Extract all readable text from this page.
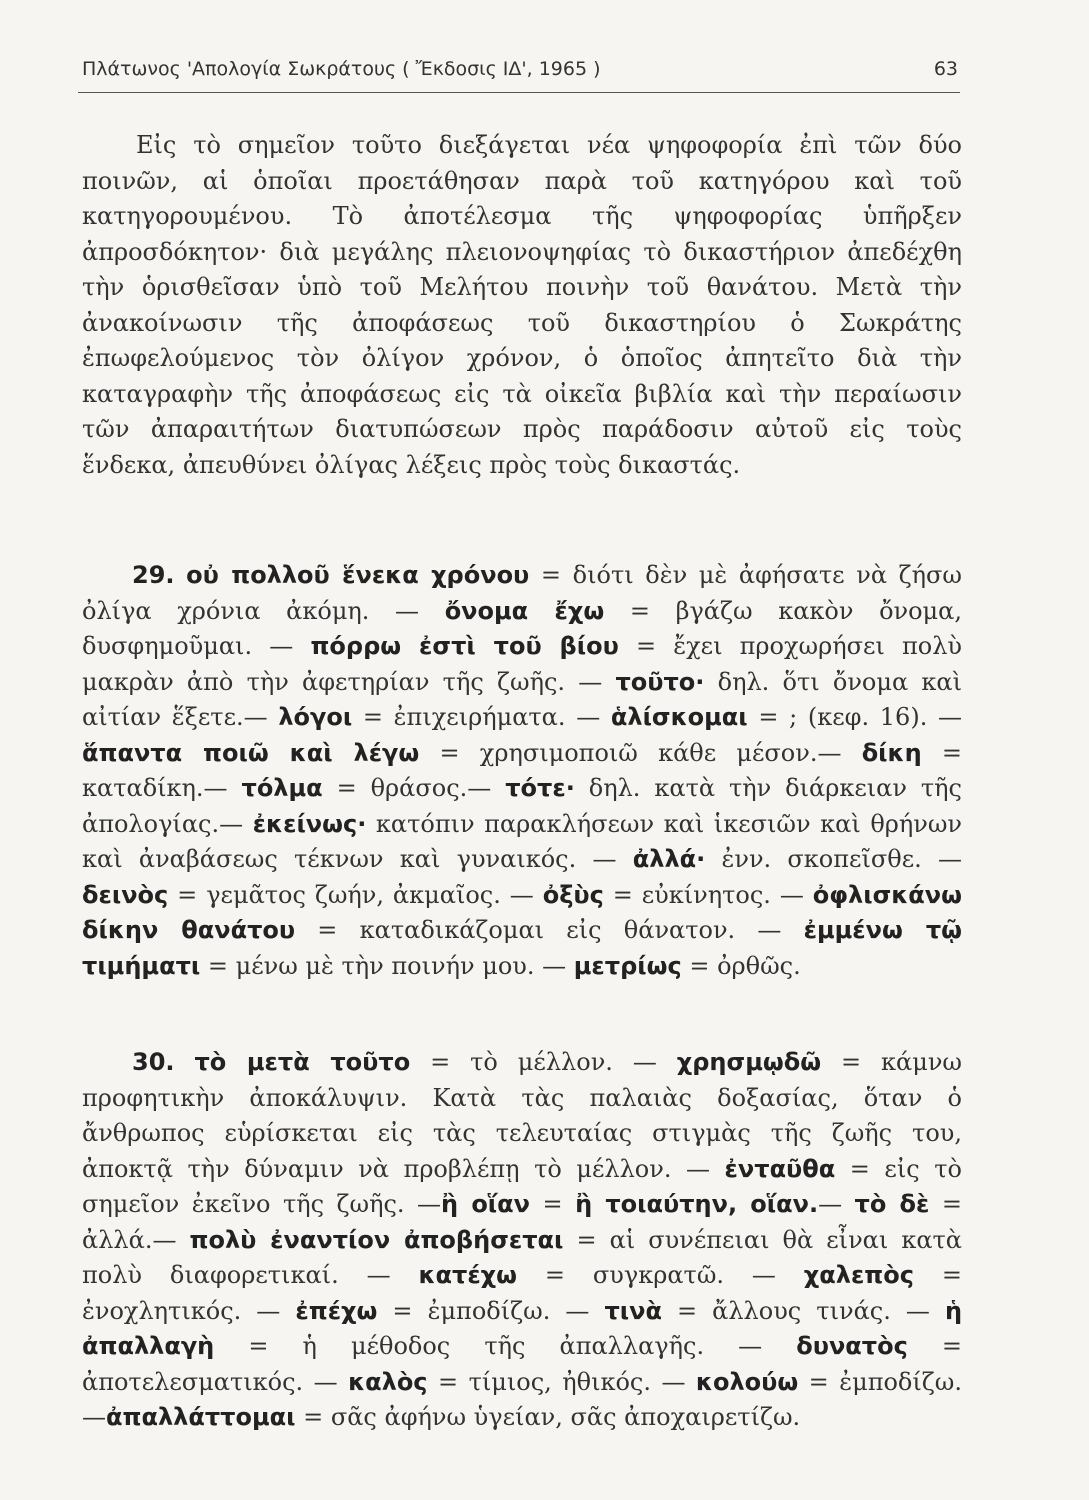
Πλάτωνος 'Απολογία Σωκράτους ( Ἔκδοσις ΙΔ', 1965 )	63

Εἰς τὸ σημεῖον τοῦτο διεξάγεται νέα ψηφοφορία ἐπὶ τῶν δύο ποινῶν, αἱ ὁποῖαι προετάθησαν παρὰ τοῦ κατηγόρου καὶ τοῦ κατηγορουμένου. Τὸ ἀποτέλεσμα τῆς ψηφοφορίας ὑπῆρξεν ἀπροσδόκητον· διὰ μεγάλης πλειονοψηφίας τὸ δικαστήριον ἀπεδέχθη τὴν ὁρισθεῖσαν ὑπὸ τοῦ Μελήτου ποινὴν τοῦ θανάτου. Μετὰ τὴν ἀνακοίνωσιν τῆς ἀποφάσεως τοῦ δικαστηρίου ὁ Σωκράτης ἐπωφελούμενος τὸν ὀλίγον χρόνον, ὁ ὁποῖος ἀπητεῖτο διὰ τὴν καταγραφὴν τῆς ἀποφάσεως εἰς τὰ οἰκεῖα βιβλία καὶ τὴν περαίωσιν τῶν ἀπαραιτήτων διατυπώσεων πρὸς παράδοσιν αὐτοῦ εἰς τοὺς ἕνδεκα, ἀπευθύνει ὀλίγας λέξεις πρὸς τοὺς δικαστάς.

29. οὐ πολλοῦ ἕνεκα χρόνου = διότι δὲν μὲ ἀφήσατε νὰ ζήσω ὀλίγα χρόνια ἀκόμη. — ὄνομα ἔχω = βγάζω κακὸν ὄνομα, δυσφημοῦμαι. — πόρρω ἐστὶ τοῦ βίου = ἔχει προχωρήσει πολὺ μακρὰν ἀπὸ τὴν ἀφετηρίαν τῆς ζωῆς. — τοῦτο· δηλ. ὅτι ὄνομα καὶ αἰτίαν ἕξετε.— λόγοι = ἐπιχειρήματα. — ἁλίσκομαι = ; (κεφ. 16). — ἅπαντα ποιῶ καὶ λέγω = χρησιμοποιῶ κάθε μέσον.— δίκη = καταδίκη.— τόλμα = θράσος.— τότε· δηλ. κατὰ τὴν διάρκειαν τῆς ἀπολογίας.— ἐκείνως· κατόπιν παρακλήσεων καὶ ἱκεσιῶν καὶ θρήνων καὶ ἀναβάσεως τέκνων καὶ γυναικός. — ἀλλά· ἐνν. σκοπεῖσθε. — δεινὸς = γεμᾶτος ζωήν, ἀκμαῖος. — ὀξὺς = εὐκίνητος. — ὀφλισκάνω δίκην θανάτου = καταδικάζομαι εἰς θάνατον. — ἐμμένω τῷ τιμήματι = μένω μὲ τὴν ποινήν μου. — μετρίως = ὀρθῶς.

30. τὸ μετὰ τοῦτο = τὸ μέλλον. — χρησμῳδῶ = κάμνω προφητικὴν ἀποκάλυψιν. Κατὰ τὰς παλαιὰς δοξασίας, ὅταν ὁ ἄνθρωπος εὑρίσκεται εἰς τὰς τελευταίας στιγμὰς τῆς ζωῆς του, ἀποκτᾷ τὴν δύναμιν νὰ προβλέπῃ τὸ μέλλον. — ἐνταῦθα = εἰς τὸ σημεῖον ἐκεῖνο τῆς ζωῆς. —ἢ οἵαν = ἢ τοιαύτην, οἵαν.— τὸ δὲ = ἀλλά.— πολὺ ἐναντίον ἀποβήσεται = αἱ συνέπειαι θὰ εἶναι κατὰ πολὺ διαφορετικαί. — κατέχω = συγκρατῶ. — χαλεπὸς = ἐνοχλητικός. — ἐπέχω = ἐμποδίζω. — τινὰ = ἄλλους τινάς. — ἡ ἀπαλλαγὴ = ἡ μέθοδος τῆς ἀπαλλαγῆς. — δυνατὸς = ἀποτελεσματικός. — καλὸς = τίμιος, ἠθικός. — κολούω = ἐμποδίζω. —ἀπαλλάττομαι = σᾶς ἀφήνω ὑγείαν, σᾶς ἀποχαιρετίζω.
